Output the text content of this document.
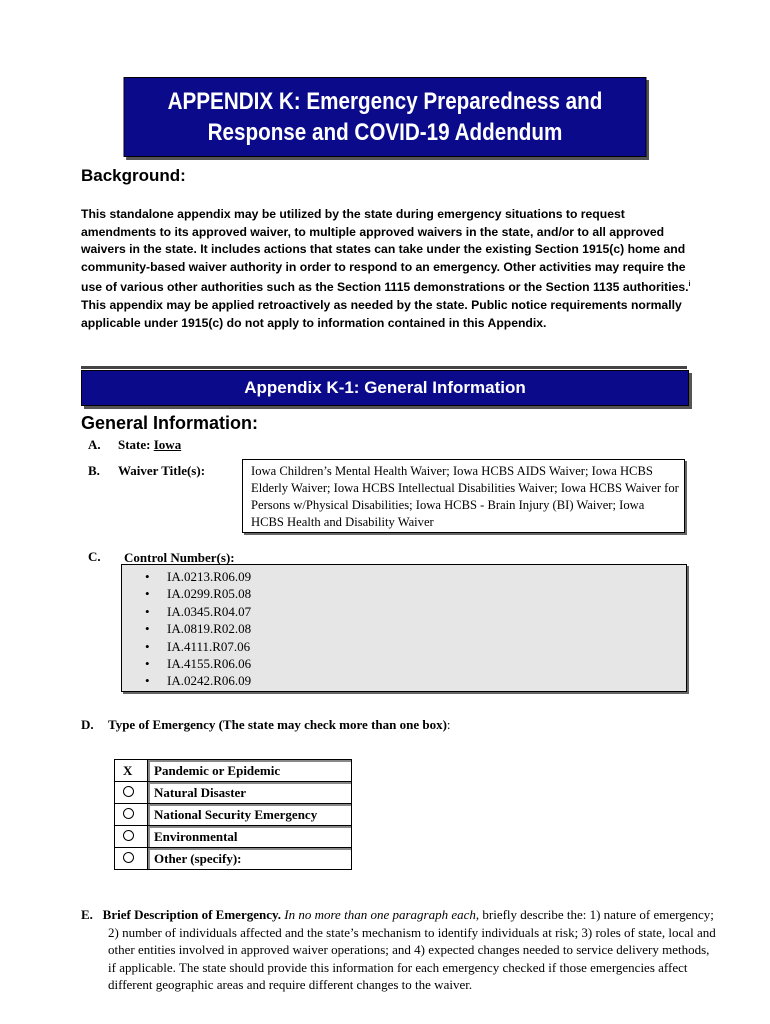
APPENDIX K: Emergency Preparedness and
Response and COVID-19 Addendum
Background:
This standalone appendix may be utilized by the state during emergency situations to request amendments to its approved waiver, to multiple approved waivers in the state, and/or to all approved waivers in the state. It includes actions that states can take under the existing Section 1915(c) home and community-based waiver authority in order to respond to an emergency. Other activities may require the use of various other authorities such as the Section 1115 demonstrations or the Section 1135 authorities.$^i$ This appendix may be applied retroactively as needed by the state. Public notice requirements normally applicable under 1915(c) do not apply to information contained in this Appendix.
Appendix K-1: General Information
General Information:
A. State: Iowa
B. Waiver Title(s):	Iowa Children’s Mental Health Waiver; Iowa HCBS AIDS Waiver; Iowa HCBS Elderly Waiver; Iowa HCBS Intellectual Disabilities Waiver; Iowa HCBS Waiver for Persons w/Physical Disabilities; Iowa HCBS - Brain Injury (BI) Waiver; Iowa HCBS Health and Disability Waiver
C. Control Number(s):
• IA.0213.R06.09
• IA.0299.R05.08
• IA.0345.R04.07
• IA.0819.R02.08
• IA.4111.R07.06
• IA.4155.R06.06
• IA.0242.R06.09
D. Type of Emergency (The state may check more than one box):
X	Pandemic or Epidemic
	Natural Disaster
	National Security Emergency
	Environmental
	Other (specify):
E. Brief Description of Emergency. In no more than one paragraph each, briefly describe the: 1) nature of emergency; 2) number of individuals affected and the state’s mechanism to identify individuals at risk; 3) roles of state, local and other entities involved in approved waiver operations; and 4) expected changes needed to service delivery methods, if applicable. The state should provide this information for each emergency checked if those emergencies affect different geographic areas and require different changes to the waiver.
